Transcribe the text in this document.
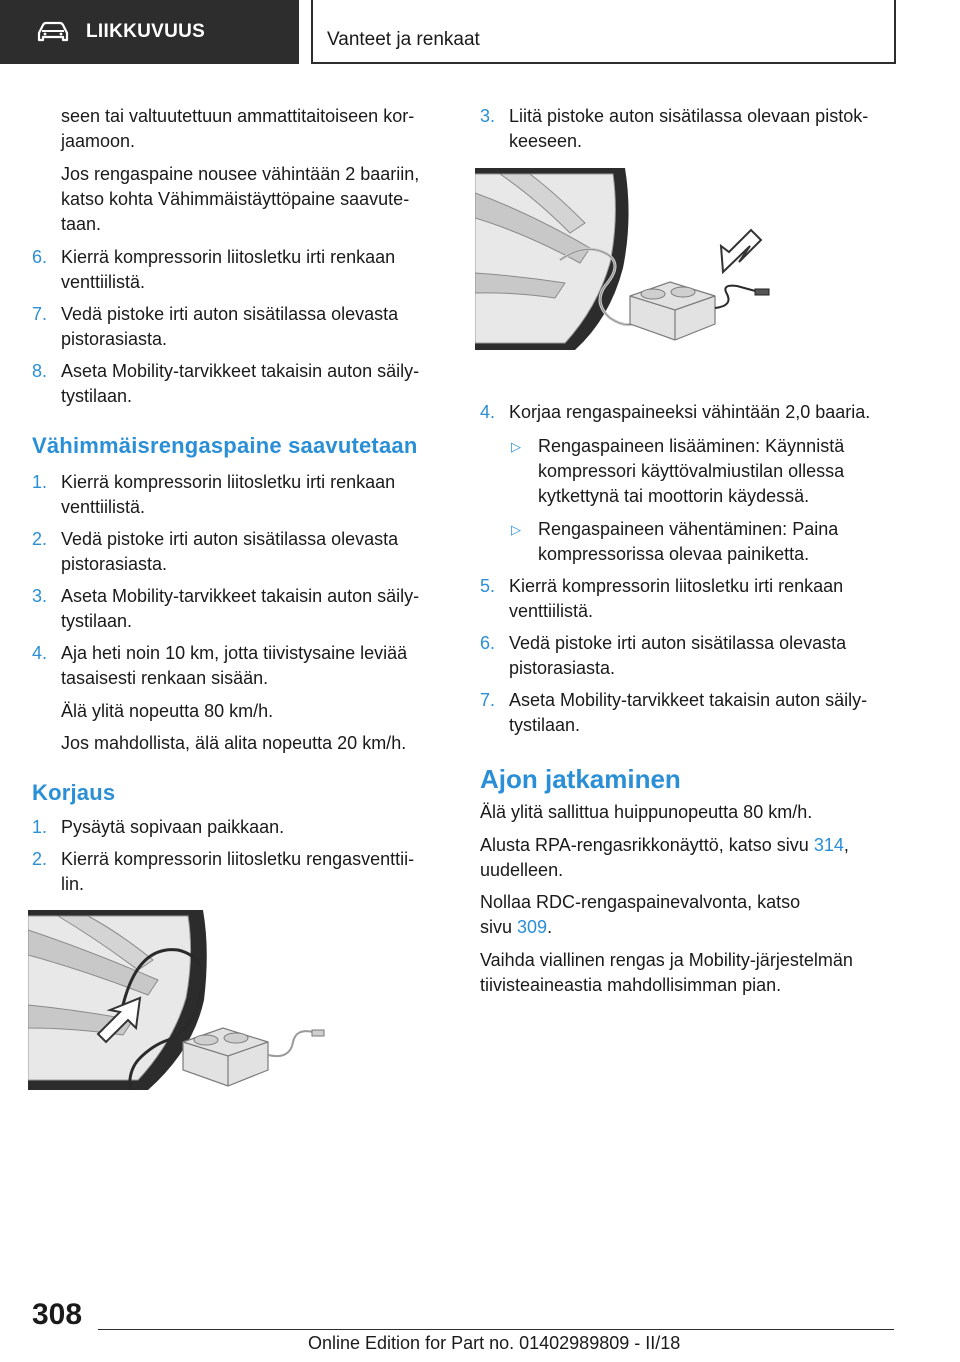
LIIKKUVUUS	Vanteet ja renkaat
seen tai valtuutettuun ammattitaitoiseen kor-
jaamoon.
Jos rengaspaine nousee vähintään 2 baariin,
katso kohta Vähimmäistäyttöpaine saavute-
taan.
6. Kierrä kompressorin liitosletku irti renkaan
venttiilistä.
7. Vedä pistoke irti auton sisätilassa olevasta
pistorasiasta.
8. Aseta Mobility-tarvikkeet takaisin auton säily-
tystilaan.
Vähimmäisrengaspaine saavutetaan
1. Kierrä kompressorin liitosletku irti renkaan
venttiilistä.
2. Vedä pistoke irti auton sisätilassa olevasta
pistorasiasta.
3. Aseta Mobility-tarvikkeet takaisin auton säily-
tystilaan.
4. Aja heti noin 10 km, jotta tiivistysaine leviää
tasaisesti renkaan sisään.
Älä ylitä nopeutta 80 km/h.
Jos mahdollista, älä alita nopeutta 20 km/h.
Korjaus
1. Pysäytä sopivaan paikkaan.
2. Kierrä kompressorin liitosletku rengasventtii-
lin.
3. Liitä pistoke auton sisätilassa olevaan pistok-
keeseen.
4. Korjaa rengaspaineeksi vähintään 2,0 baaria.
▷ Rengaspaineen lisääminen: Käynnistä
kompressori käyttövalmiustilan ollessa
kytkettynä tai moottorin käydessä.
▷ Rengaspaineen vähentäminen: Paina
kompressorissa olevaa painiketta.
5. Kierrä kompressorin liitosletku irti renkaan
venttiilistä.
6. Vedä pistoke irti auton sisätilassa olevasta
pistorasiasta.
7. Aseta Mobility-tarvikkeet takaisin auton säily-
tystilaan.
Ajon jatkaminen
Älä ylitä sallittua huippunopeutta 80 km/h.
Alusta RPA-rengasrikkonäyttö, katso sivu 314,
uudelleen.
Nollaa RDC-rengaspainevalvonta, katso
sivu 309.
Vaihda viallinen rengas ja Mobility-järjestelmän
tiivisteaineastia mahdollisimman pian.
308
Online Edition for Part no. 01402989809 - II/18
